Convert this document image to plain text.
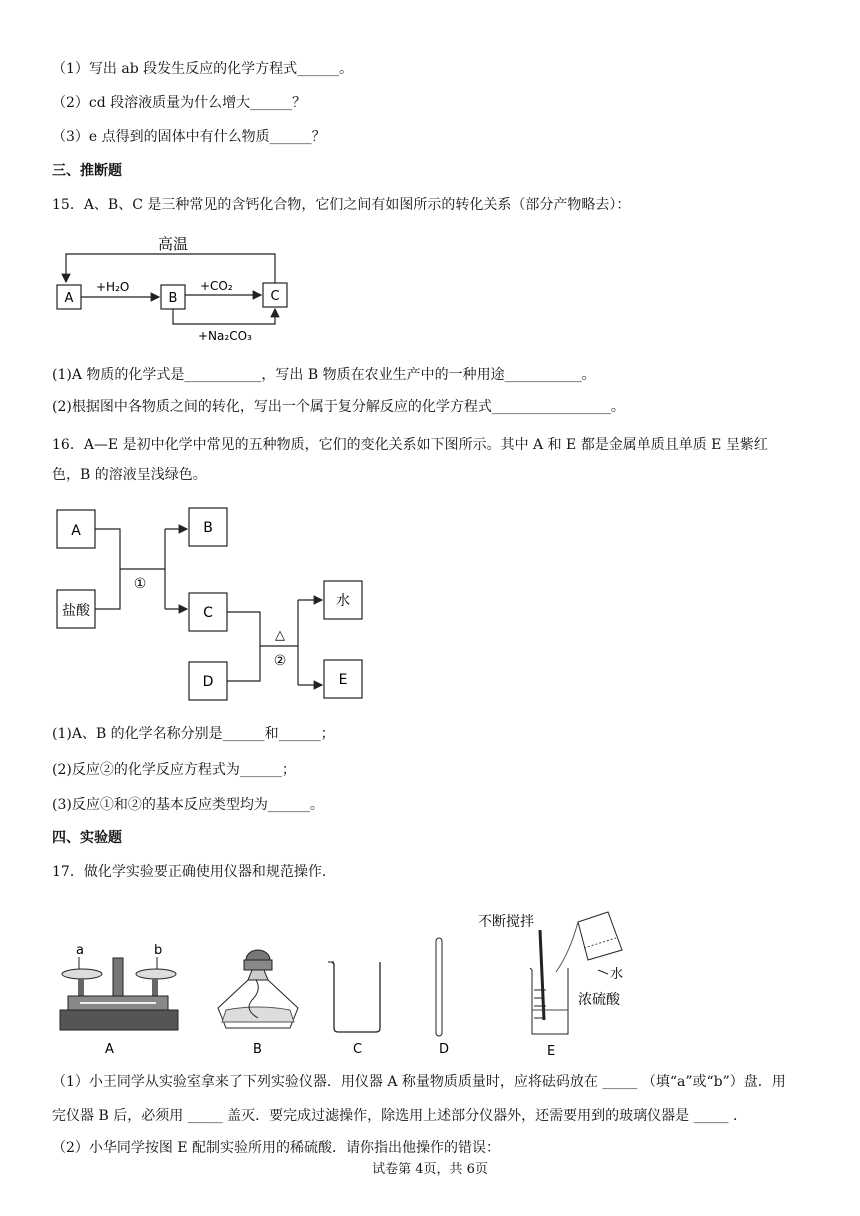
（1）写出 ab 段发生反应的化学方程式______。
（2）cd 段溶液质量为什么增大______？
（3）e 点得到的固体中有什么物质______？
三、推断题
15．A、B、C 是三种常见的含钙化合物，它们之间有如图所示的转化关系（部分产物略去）：
高温
A	B	C
+H₂O	+CO₂
+Na₂CO₃
(1)A 物质的化学式是___________，写出 B 物质在农业生产中的一种用途___________。
(2)根据图中各物质之间的转化，写出一个属于复分解反应的化学方程式_________________。
16．A—E 是初中化学中常见的五种物质，它们的变化关系如下图所示。其中 A 和 E 都是金属单质且单质 E 呈紫红
色，B 的溶液呈浅绿色。
A
盐酸
①
B
C
D
△
②
水
E
(1)A、B 的化学名称分别是______和______；
(2)反应②的化学反应方程式为______；
(3)反应①和②的基本反应类型均为______。
四、实验题
17．做化学实验要正确使用仪器和规范操作．
a	b
A	B	C	D
不断搅拌
水
浓硫酸
E
（1）小王同学从实验室拿来了下列实验仪器．用仪器 A 称量物质质量时，应将砝码放在 _____ （填“a”或“b”）盘．用
完仪器 B 后，必须用 _____ 盖灭．要完成过滤操作，除选用上述部分仪器外，还需要用到的玻璃仪器是 _____ ．
（2）小华同学按图 E 配制实验所用的稀硫酸．请你指出他操作的错误：
试卷第 4页，共 6页
